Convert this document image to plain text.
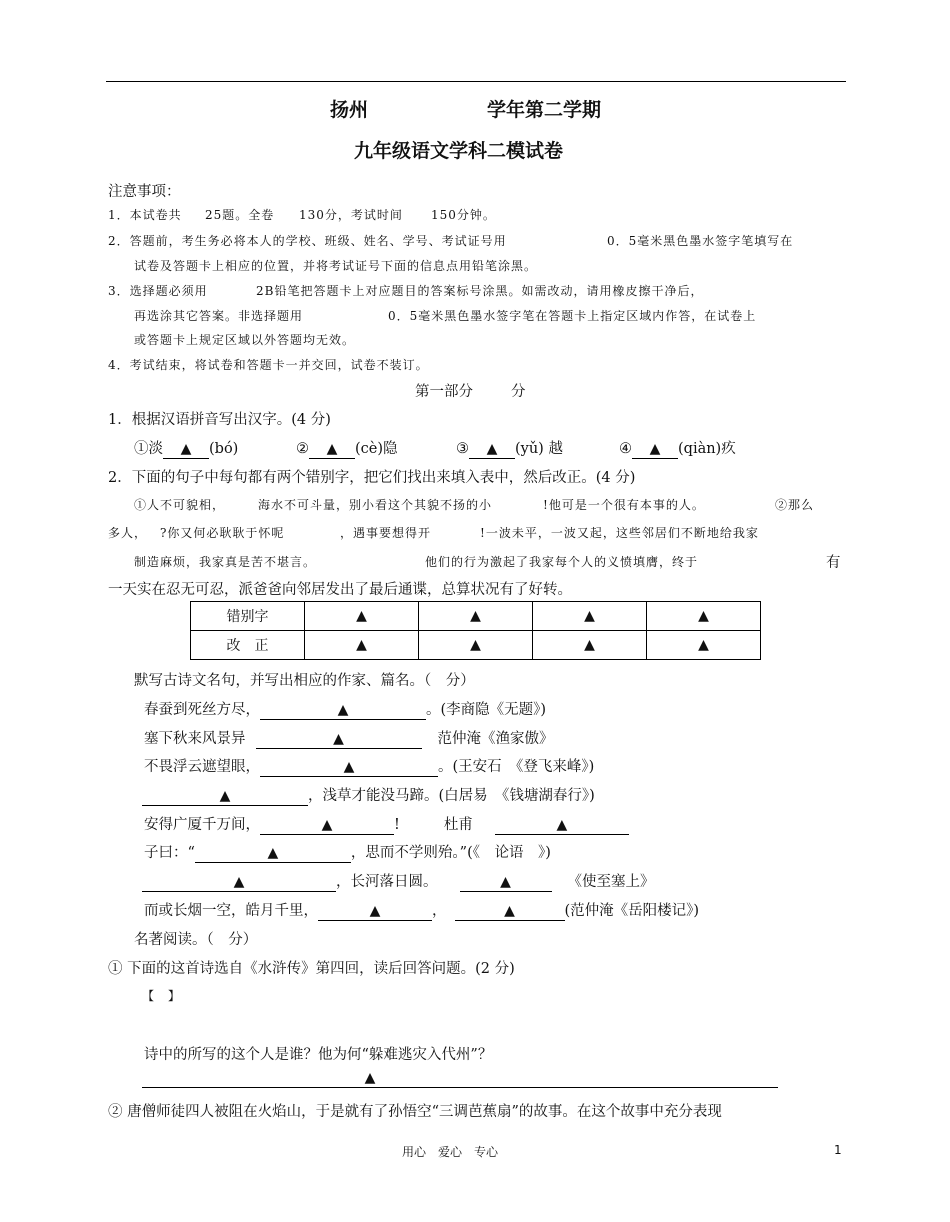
扬州	学年第二学期
九年级语文学科二模试卷
注意事项：
1．本试卷共 25题。全卷 130分，考试时间 150分钟。
2．答题前，考生务必将本人的学校、班级、姓名、学号、考试证号用	0．5毫米黑色墨水签字笔填写在
试卷及答题卡上相应的位置，并将考试证号下面的信息点用铅笔涂黑。
3．选择题必须用	2B铅笔把答题卡上对应题目的答案标号涂黑。如需改动，请用橡皮擦干净后，
再选涂其它答案。非选择题用	0．5毫米黑色墨水签字笔在答题卡上指定区域内作答，在试卷上
或答题卡上规定区域以外答题均无效。
4．考试结束，将试卷和答题卡一并交回，试卷不装订。
第一部分	分
1．根据汉语拼音写出汉字。(4 分)
①淡 ▲ (bó)	② ▲ (cè)隐	③ ▲ (yǔ) 越	④ ▲ (qiàn)疚
2．下面的句子中每句都有两个错别字，把它们找出来填入表中，然后改正。(4 分)
①人不可貌相，	海水不可斗量，别小看这个其貌不扬的小	!他可是一个很有本事的人。	②那么
多人， ?你又何必耿耿于怀呢	，遇事要想得开	!一波未平，一波又起，这些邻居们不断地给我家
制造麻烦，我家真是苦不堪言。	他们的行为激起了我家每个人的义愤填膺，终于	有
一天实在忍无可忍，派爸爸向邻居发出了最后通谍，总算状况有了好转。
错别字	▲	▲	▲	▲
改　正	▲	▲	▲	▲
默写古诗文名句，并写出相应的作家、篇名。（　分）
春蚕到死丝方尽，	▲	。(李商隐《无题》)
塞下秋来风景异	▲	范仲淹《渔家傲》
不畏浮云遮望眼，	▲	。(王安石　《登飞来峰》)
▲	，浅草才能没马蹄。(白居易　《钱塘湖春行》)
安得广厦千万间，	▲	!	杜甫	▲
子曰：“	▲	，思而不学则殆。”(《　论语　》)
▲	，长河落日圆。	▲	《使至塞上》
而或长烟一空，皓月千里，	▲	，	▲	(范仲淹《岳阳楼记》)
名著阅读。（　分）
① 下面的这首诗选自《水浒传》第四回，读后回答问题。(2 分)
【　】　　　　　　　　　　　　　　　　　　　　　　　　　　　　

诗中的所写的这个人是谁？他为何“躲难逃灾入代州”？
▲
② 唐僧师徒四人被阻在火焰山，于是就有了孙悟空“三调芭蕉扇”的故事。在这个故事中充分表现
用心　爱心　专心	1
